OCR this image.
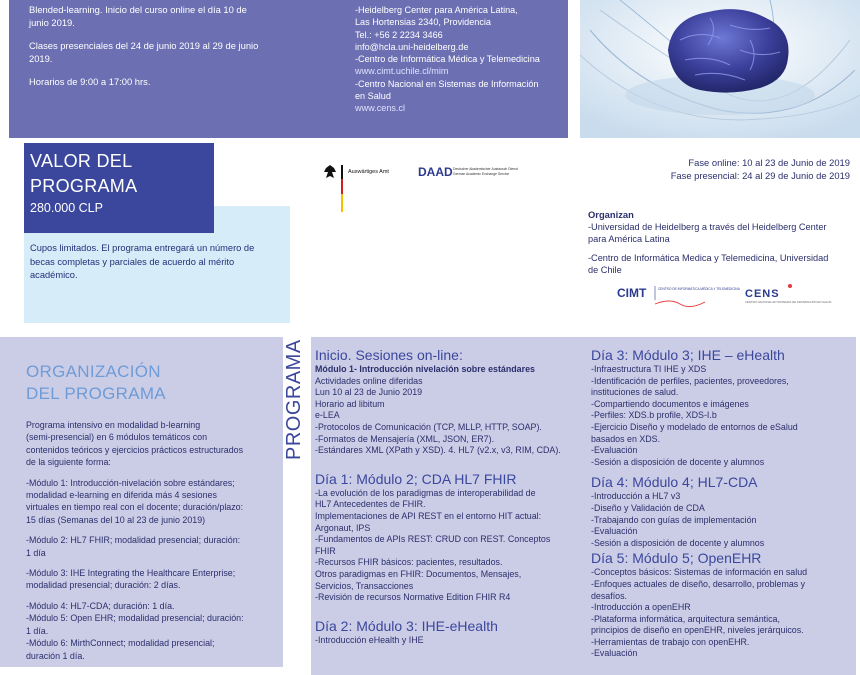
Blended-learning. Inicio del curso online el día 10 de
junio 2019.

Clases presenciales del 24 de junio 2019 al 29 de junio
2019.

Horarios de 9:00 a 17:00 hrs.

-Heidelberg Center para América Latina,
Las Hortensias 2340, Providencia
Tel.: +56 2 2234 3466
info@hcla.uni-heidelberg.de
-Centro de Informática Médica y Telemedicina
www.cimt.uchile.cl/mim
-Centro Nacional en Sistemas de Información
en Salud
www.cens.cl
VALOR DEL
PROGRAMA
280.000 CLP
Cupos limitados. El programa entregará un número de
becas completas y parciales de acuerdo al mérito
académico.
Auswärtiges Amt DAAD Deutscher Akademischer Austausch Dienst
German Academic Exchange Service
Fase online: 10 al 23 de Junio de 2019
Fase presencial: 24 al 29 de Junio de 2019
Organizan
-Universidad de Heidelberg a través del Heidelberg Center
para América Latina
-Centro de Informática Medica y Telemedicina, Universidad
de Chile
CIMT	CENTRO DE INFORMÁTICA MÉDICA Y TELEMEDICINA CENS
CENTRO NACIONAL EN SISTEMAS DE INFORMACIÓN EN SALUD
ORGANIZACIÓN
DEL PROGRAMA
Programa intensivo en modalidad b-learning
(semi-presencial) en 6 módulos temáticos con
contenidos teóricos y ejercicios prácticos estructurados
de la siguiente forma:
-Módulo 1: Introducción-nivelación sobre estándares;
modalidad e-learning en diferida más 4 sesiones
virtuales en tiempo real con el docente; duración/plazo:
15 días (Semanas del 10 al 23 de junio 2019)
-Módulo 2: HL7 FHIR; modalidad presencial; duración:
1 día
-Módulo 3: IHE Integrating the Healthcare Enterprise;
modalidad presencial; duración: 2 días.
-Módulo 4: HL7-CDA; duración: 1 día.
-Módulo 5: Open EHR; modalidad presencial; duración:
1 día.
-Módulo 6: MirthConnect; modalidad presencial;
duración 1 día.
PROGRAMA Inicio. Sesiones on-line:
Módulo 1- Introducción nivelación sobre estándares
Actividades online diferidas
Lun 10 al 23 de Junio 2019
Horario ad libitum
e-LEA
-Protocolos de Comunicación (TCP, MLLP, HTTP, SOAP).
-Formatos de Mensajería (XML, JSON, ER7).
-Estándares XML (XPath y XSD). 4. HL7 (v2.x, v3, RIM, CDA).
Día 1: Módulo 2; CDA HL7 FHIR
-La evolución de los paradigmas de interoperabilidad de
HL7 Antecedentes de FHIR.
Implementaciones de API REST en el entorno HIT actual:
Argonaut, IPS
-Fundamentos de APIs REST: CRUD con REST. Conceptos
FHIR
-Recursos FHIR básicos: pacientes, resultados.
Otros paradigmas en FHIR: Documentos, Mensajes,
Servicios, Transacciones
-Revisión de recursos Normative Edition FHIR R4
Día 2: Módulo 3: IHE-eHealth
-Introducción eHealth y IHE
Día 3: Módulo 3; IHE – eHealth
-Infraestructura TI IHE y XDS
-Identificación de perfiles, pacientes, proveedores,
instituciones de salud.
-Compartiendo documentos e imágenes
-Perfiles: XDS.b profile, XDS-I.b
-Ejercicio Diseño y modelado de entornos de eSalud
basados en XDS.
-Evaluación
-Sesión a disposición de docente y alumnos
Día 4: Módulo 4; HL7-CDA
-Introducción a HL7 v3
-Diseño y Validación de CDA
-Trabajando con guías de implementación
-Evaluación
-Sesión a disposición de docente y alumnos
Día 5: Módulo 5; OpenEHR
-Conceptos básicos: Sistemas de información en salud
-Enfoques actuales de diseño, desarrollo, problemas y
desafíos.
-Introducción a openEHR
-Plataforma informática, arquitectura semántica,
principios de diseño en openEHR, niveles jerárquicos.
-Herramientas de trabajo con openEHR.
-Evaluación
